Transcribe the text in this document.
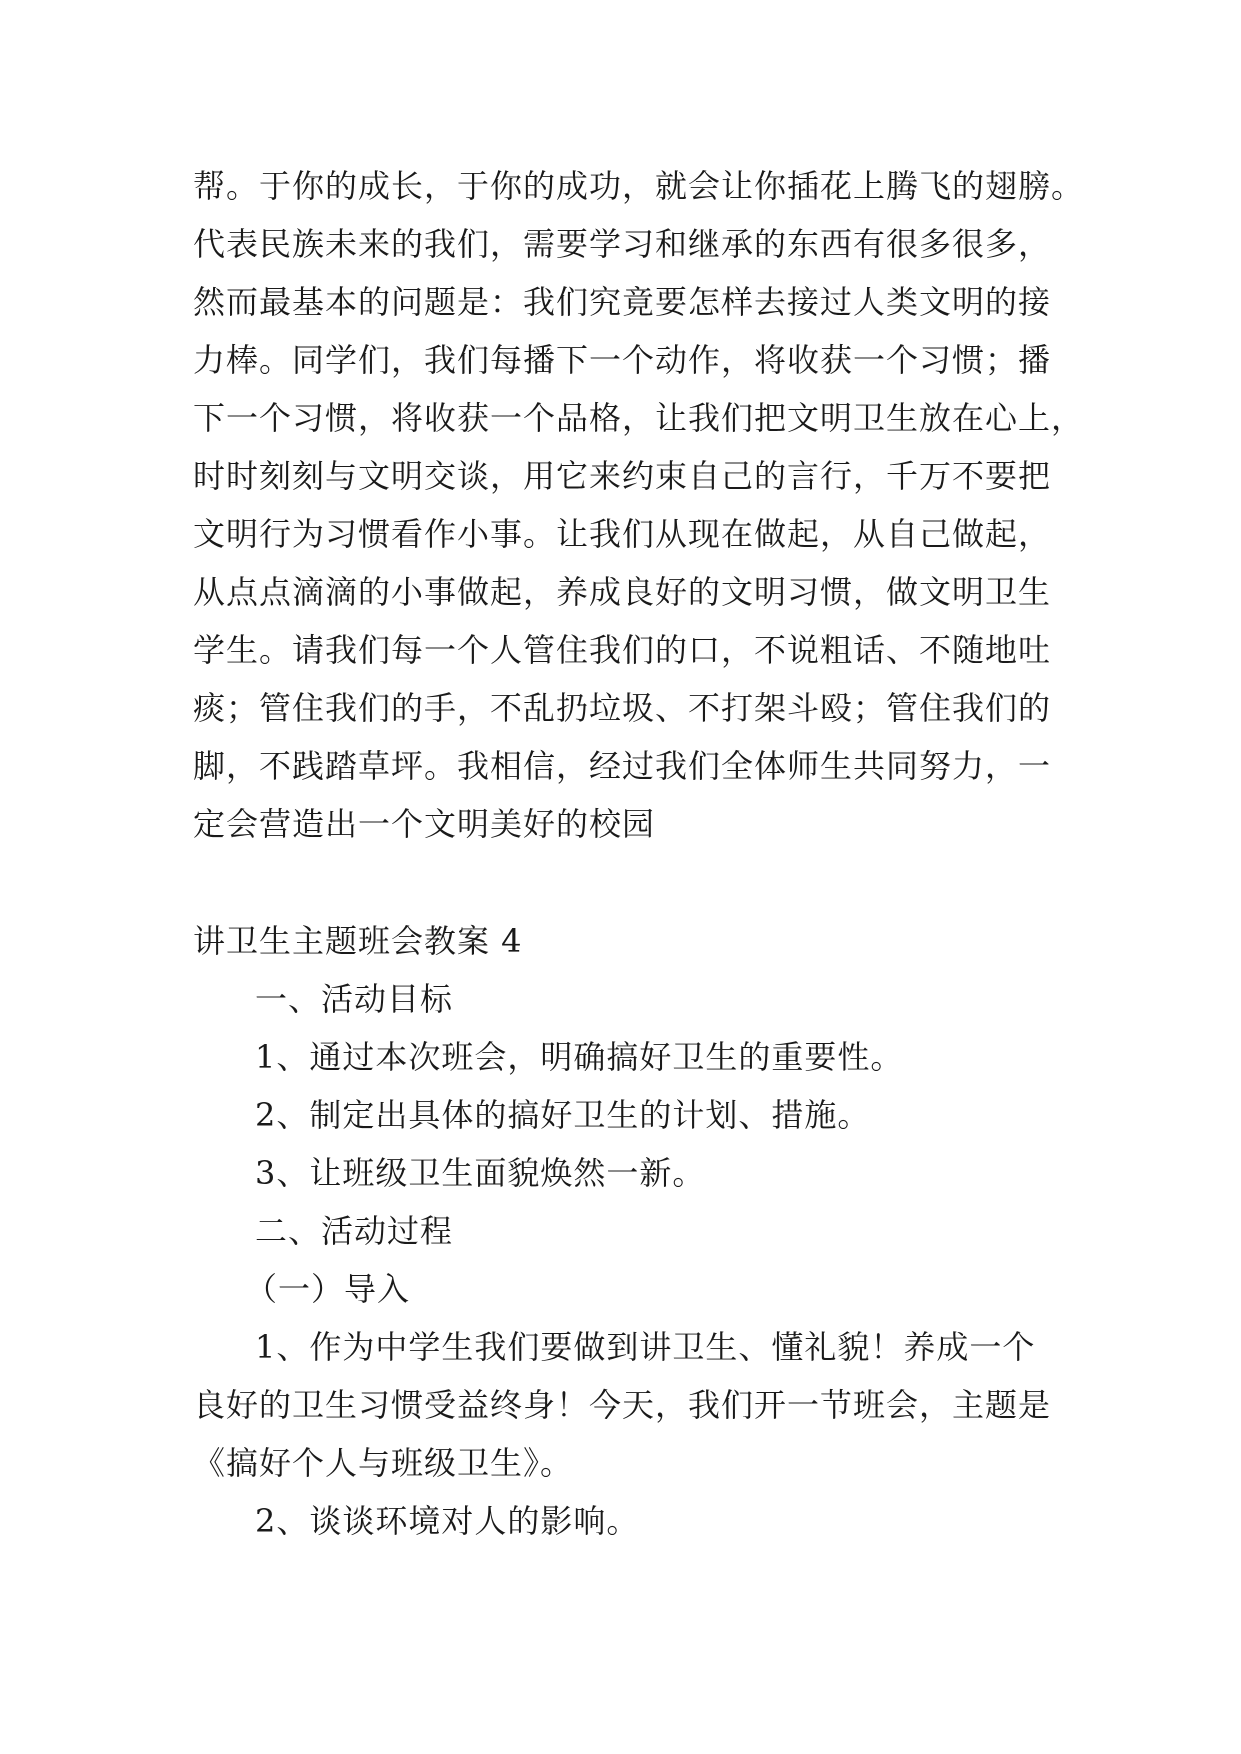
帮。于你的成长，于你的成功，就会让你插花上腾飞的翅膀。
代表民族未来的我们，需要学习和继承的东西有很多很多，
然而最基本的问题是：我们究竟要怎样去接过人类文明的接
力棒。同学们，我们每播下一个动作，将收获一个习惯；播
下一个习惯，将收获一个品格，让我们把文明卫生放在心上，
时时刻刻与文明交谈，用它来约束自己的言行，千万不要把
文明行为习惯看作小事。让我们从现在做起，从自己做起，
从点点滴滴的小事做起，养成良好的文明习惯，做文明卫生
学生。请我们每一个人管住我们的口，不说粗话、不随地吐
痰；管住我们的手，不乱扔垃圾、不打架斗殴；管住我们的
脚，不践踏草坪。我相信，经过我们全体师生共同努力，一
定会营造出一个文明美好的校园
讲卫生主题班会教案 4
一、活动目标
1、通过本次班会，明确搞好卫生的重要性。
2、制定出具体的搞好卫生的计划、措施。
3、让班级卫生面貌焕然一新。
二、活动过程
（一）导入
1、作为中学生我们要做到讲卫生、懂礼貌！养成一个
良好的卫生习惯受益终身！今天，我们开一节班会，主题是
《搞好个人与班级卫生》。
2、谈谈环境对人的影响。
